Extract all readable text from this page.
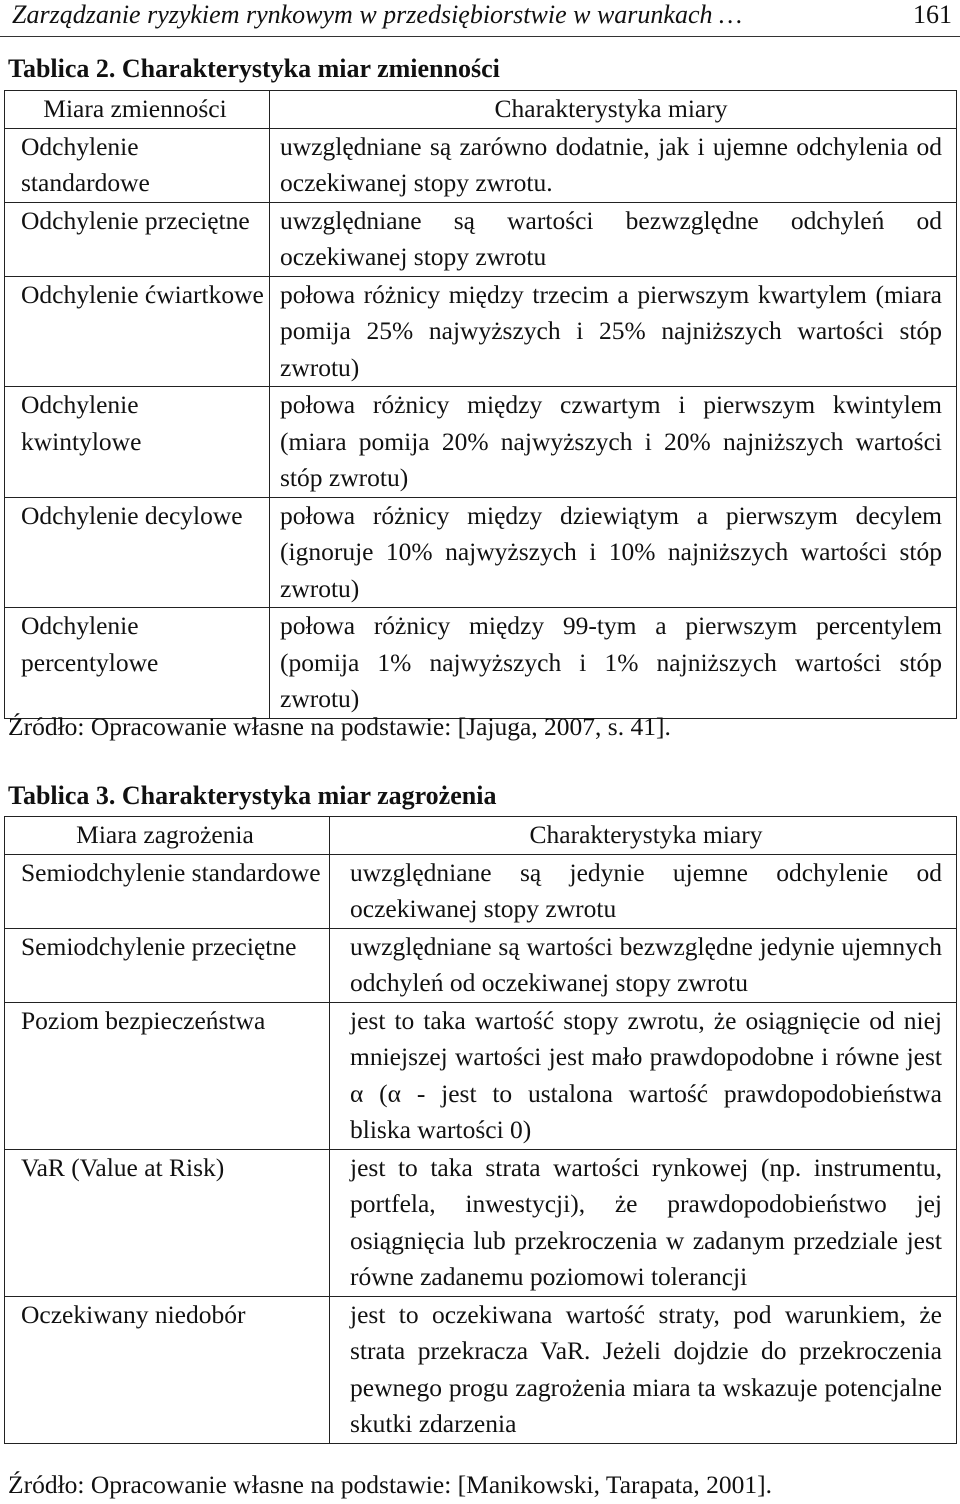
Zarządzanie ryzykiem rynkowym w przedsiębiorstwie w warunkach …	161
Tablica 2. Charakterystyka miar zmienności
Miara zmienności	Charakterystyka miary
Odchylenie standardowe	uwzględniane są zarówno dodatnie, jak i ujemne odchylenia od oczekiwanej stopy zwrotu.
Odchylenie przeciętne	uwzględniane są wartości bezwzględne odchyleń od oczekiwanej stopy zwrotu
Odchylenie ćwiartkowe	połowa różnicy między trzecim a pierwszym kwartylem (miara pomija 25% najwyższych i 25% najniższych wartości stóp zwrotu)
Odchylenie kwintylowe	połowa różnicy między czwartym i pierwszym kwintylem (miara pomija 20% najwyższych i 20% najniższych wartości stóp zwrotu)
Odchylenie decylowe	połowa różnicy między dziewiątym a pierwszym decylem (ignoruje 10% najwyższych i 10% najniższych wartości stóp zwrotu)
Odchylenie percentylowe	połowa różnicy między 99-tym a pierwszym percentylem (pomija 1% najwyższych i 1% najniższych wartości stóp zwrotu)
Źródło: Opracowanie własne na podstawie: [Jajuga, 2007, s. 41].
Tablica 3. Charakterystyka miar zagrożenia
Miara zagrożenia	Charakterystyka miary
Semiodchylenie standardowe	uwzględniane są jedynie ujemne odchylenie od oczekiwanej stopy zwrotu
Semiodchylenie przeciętne	uwzględniane są wartości bezwzględne jedynie ujemnych odchyleń od oczekiwanej stopy zwrotu
Poziom bezpieczeństwa	jest to taka wartość stopy zwrotu, że osiągnięcie od niej mniejszej wartości jest mało prawdopodobne i równe jest α (α - jest to ustalona wartość prawdopodobieństwa bliska wartości 0)
VaR (Value at Risk)	jest to taka strata wartości rynkowej (np. instrumentu, portfela, inwestycji), że prawdopodobieństwo jej osiągnięcia lub przekroczenia w zadanym przedziale jest równe zadanemu poziomowi tolerancji
Oczekiwany niedobór	jest to oczekiwana wartość straty, pod warunkiem, że strata przekracza VaR. Jeżeli dojdzie do przekroczenia pewnego progu zagrożenia miara ta wskazuje potencjalne skutki zdarzenia
Źródło: Opracowanie własne na podstawie: [Manikowski, Tarapata, 2001].
